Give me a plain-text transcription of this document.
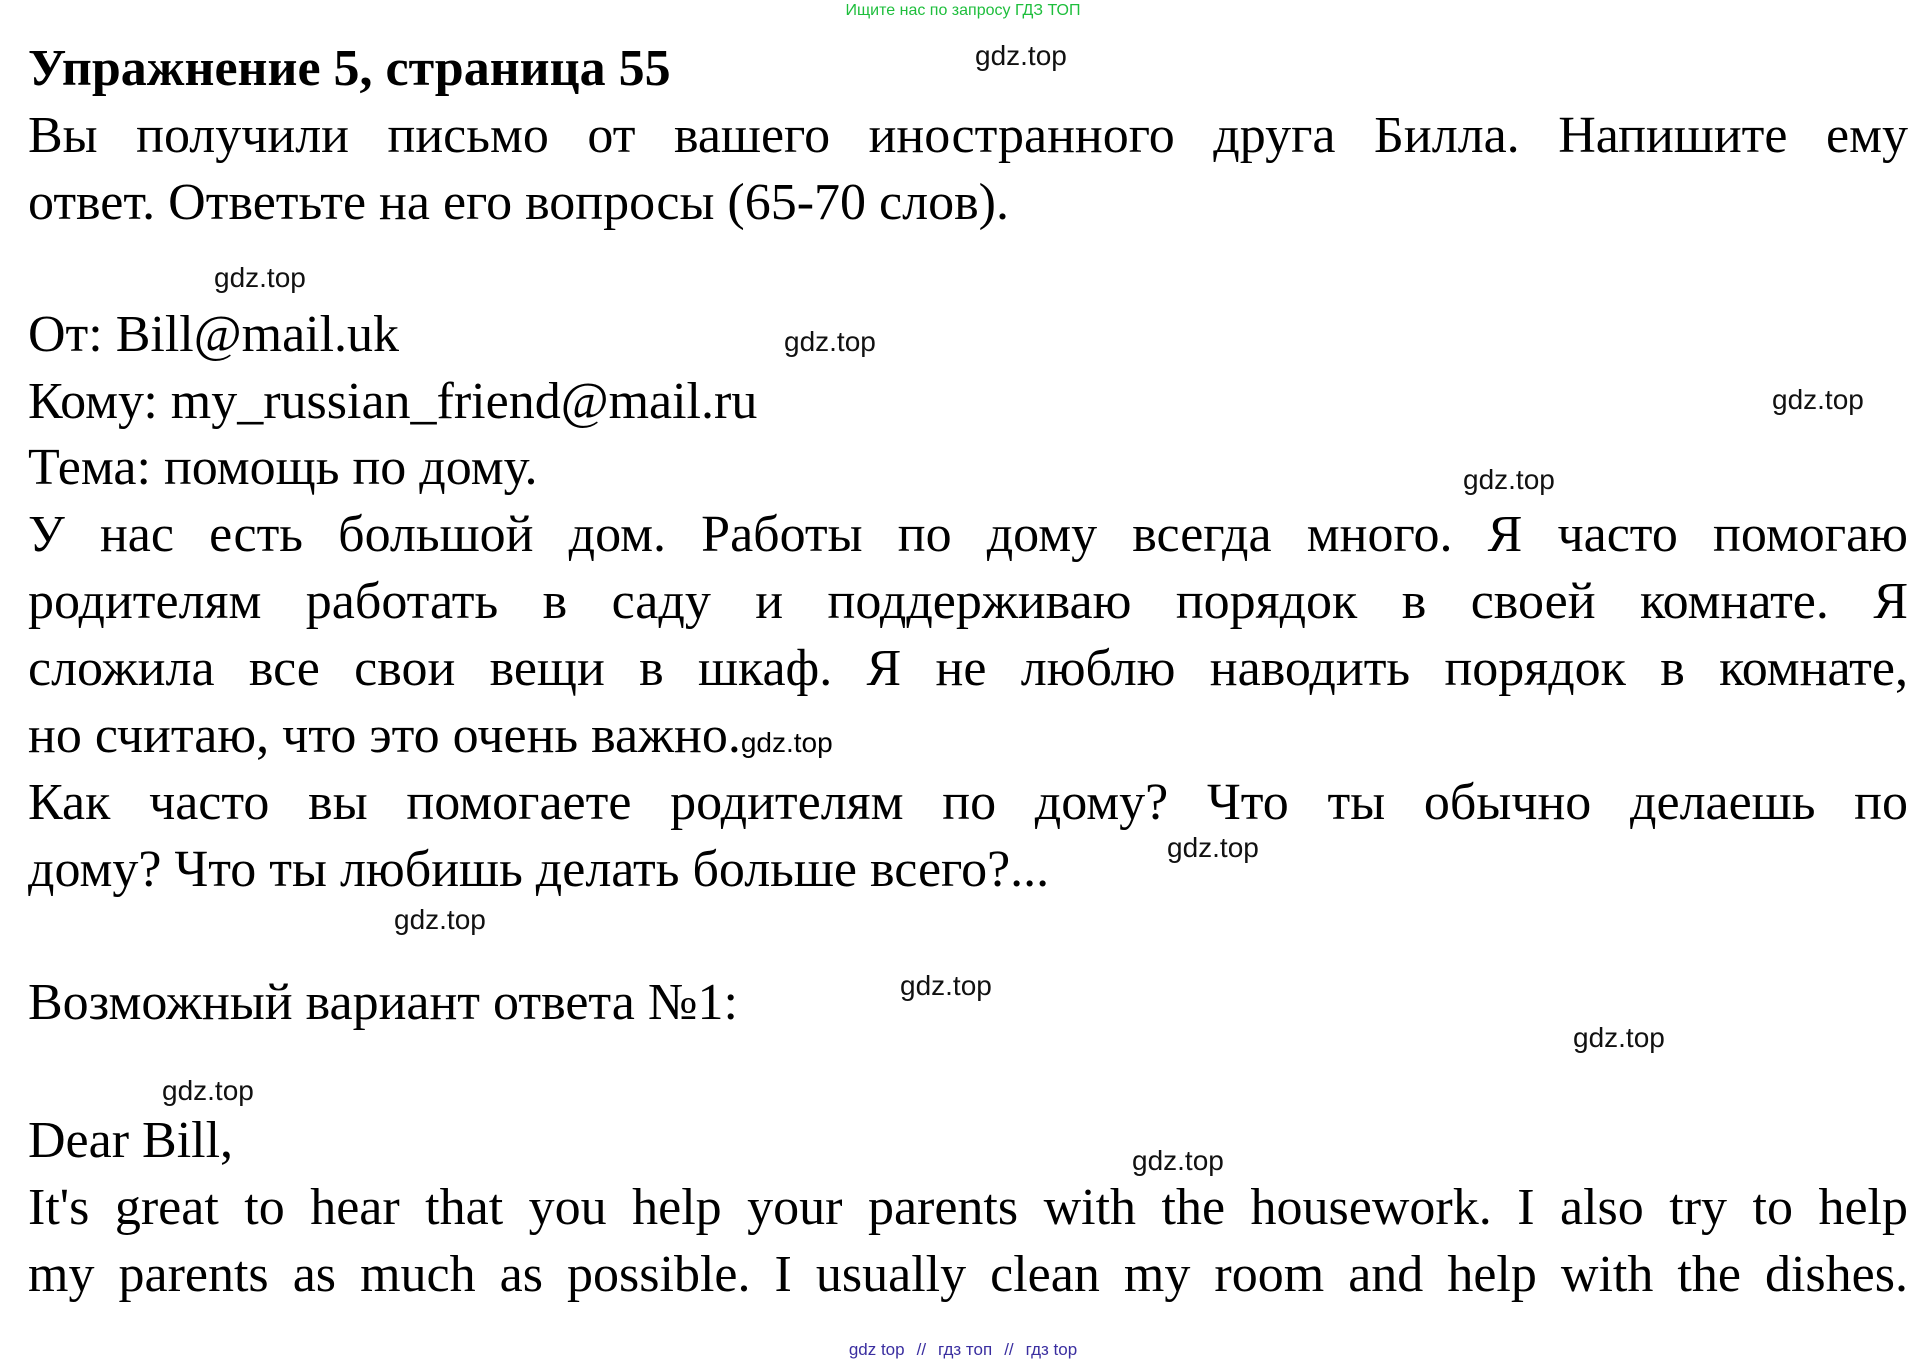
Ищите нас по запросу ГДЗ ТОП
Упражнение 5, страница 55
Вы получили письмо от вашего иностранного друга Билла. Напишите ему
ответ. Ответьте на его вопросы (65-70 слов).
От: Bill@mail.uk
Кому: my_russian_friend@mail.ru
Тема: помощь по дому.
У нас есть большой дом. Работы по дому всегда много. Я часто помогаю
родителям работать в саду и поддерживаю порядок в своей комнате. Я
сложила все свои вещи в шкаф. Я не люблю наводить порядок в комнате,
но считаю, что это очень важно.gdz.top
Как часто вы помогаете родителям по дому? Что ты обычно делаешь по
дому? Что ты любишь делать больше всего?...
Возможный вариант ответа №1:
Dear Bill,
It's great to hear that you help your parents with the housework. I also try to help
my parents as much as possible. I usually clean my room and help with the dishes.
gdz.top
gdz.top
gdz.top
gdz.top
gdz.top
gdz.top
gdz.top
gdz.top
gdz.top
gdz.top
gdz.top
gdz top // гдз топ // гдз top
